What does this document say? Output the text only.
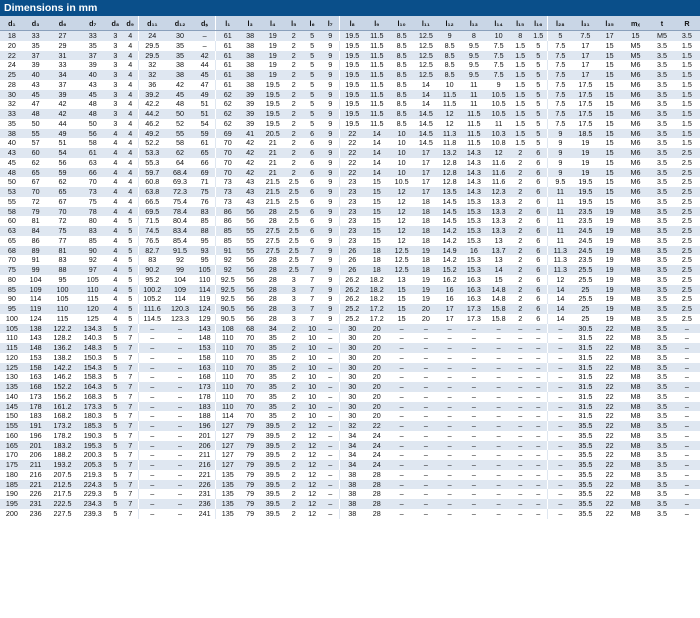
Dimensions in mm
d₁	d₃	d₆	d₇	d₈	d₉	d₁₁	d₁₂	dₛ	l₁	l₃	l₄	l₅	l₆	l₇	l₈	l₉	l₁₀	l₁₁	l₁₂	l₁₃	l₁₄	l₁₅	l₁₆	l₂₈	l₃₁	l₃₅	mₓ	t	R
18	33	27	33	3	4	24	30	–	61	38	19	2	5	9	19.5	11.5	8.5	12.5	9	8	10	8	1.5	5	7.5	17	15	M5	3.5
20	35	29	35	3	4	29.5	35	–	61	38	19	2	5	9	19.5	11.5	8.5	12.5	8.5	9.5	7.5	1.5	5	7.5	17	15	M5	3.5	1.5
22	37	31	37	3	4	29.5	35	42	61	38	19	2	5	9	19.5	11.5	8.5	12.5	8.5	9.5	7.5	1.5	5	7.5	17	15	M5	3.5	1.5
24	39	33	39	3	4	32	38	44	61	38	19	2	5	9	19.5	11.5	8.5	12.5	8.5	9.5	7.5	1.5	5	7.5	17	15	M6	3.5	1.5
25	40	34	40	3	4	32	38	45	61	38	19	2	5	9	19.5	11.5	8.5	12.5	8.5	9.5	7.5	1.5	5	7.5	17	15	M6	3.5	1.5
28	43	37	43	3	4	36	42	47	61	38	19.5	2	5	9	19.5	11.5	8.5	14	10	11	9	1.5	5	7.5	17.5	15	M6	3.5	1.5
30	45	39	45	3	4	39.2	45	49	62	39	19.5	2	5	9	19.5	11.5	8.5	14	11.5	11	10.5	1.5	5	7.5	17.5	15	M6	3.5	1.5
32	47	42	48	3	4	42.2	48	51	62	39	19.5	2	5	9	19.5	11.5	8.5	14	11.5	11	10.5	1.5	5	7.5	17.5	15	M6	3.5	1.5
33	48	42	48	3	4	44.2	50	51	62	39	19.5	2	5	9	19.5	11.5	8.5	14.5	12	11.5	10.5	1.5	5	7.5	17.5	15	M6	3.5	1.5
35	50	44	50	3	4	46.2	52	54	62	39	19.5	2	5	9	19.5	11.5	8.5	14.5	12	11.5	11	1.5	5	7.5	17.5	15	M6	3.5	1.5
38	55	49	56	4	4	49.2	55	59	69	41	20.5	2	6	9	22	14	10	14.5	11.3	11.5	10.3	1.5	5	9	18.5	15	M6	3.5	1.5
40	57	51	58	4	4	52.2	58	61	70	42	21	2	6	9	22	14	10	14.5	11.8	11.5	10.8	1.5	5	9	19	15	M6	3.5	1.5
43	60	54	61	4	4	53.3	62	65	70	42	21	2	6	9	22	14	10	17	13.2	14.3	12	2	6	9	19	15	M6	3.5	2.5
45	62	56	63	4	4	55.3	64	66	70	42	21	2	6	9	22	14	10	17	12.8	14.3	11.6	2	6	9	19	15	M6	3.5	2.5
48	65	59	66	4	4	59.7	68.4	69	70	42	21	2	6	9	22	14	10	17	12.8	14.3	11.6	2	6	9	19	15	M6	3.5	2.5
50	67	62	70	4	4	60.8	69.3	71	73	43	21.5	2.5	6	9	23	15	10.5	17	12.8	14.3	11.6	2	6	9.5	19.5	15	M6	3.5	2.5
53	70	65	73	4	4	63.8	72.3	75	73	43	21.5	2.5	6	9	23	15	12	17	13.5	14.3	12.3	2	6	11	19.5	15	M6	3.5	2.5
55	72	67	75	4	4	66.5	75.4	76	73	43	21.5	2.5	6	9	23	15	12	18	14.5	15.3	13.3	2	6	11	19.5	15	M6	3.5	2.5
58	79	70	78	4	4	69.5	78.4	83	86	56	28	2.5	6	9	23	15	12	18	14.5	15.3	13.3	2	6	11	23.5	19	M8	3.5	2.5
60	81	72	80	4	5	71.5	80.4	85	86	56	28	2.5	6	9	23	15	12	18	14.5	15.3	13.3	2	6	11	23.5	19	M8	3.5	2.5
63	84	75	83	4	5	74.5	83.4	88	85	55	27.5	2.5	6	9	23	15	12	18	14.2	15.3	13.3	2	6	11	24.5	19	M8	3.5	2.5
65	86	77	85	4	5	76.5	85.4	95	85	55	27.5	2.5	6	9	23	15	12	18	14.2	15.3	13	2	6	11	24.5	19	M8	3.5	2.5
68	89	81	90	4	5	82.7	91.5	93	91	55	27.5	2.5	7	9	26	18	12.5	19	14.9	16	13.7	2	6	11.3	24.5	19	M8	3.5	2.5
70	91	83	92	4	5	83	92	95	92	56	28	2.5	7	9	26	18	12.5	18	14.2	15.3	13	2	6	11.3	23.5	19	M8	3.5	2.5
75	99	88	97	4	5	90.2	99	105	92	56	28	2.5	7	9	26	18	12.5	18	15.2	15.3	14	2	6	11.3	25.5	19	M8	3.5	2.5
80	104	95	105	4	5	95.2	104	110	92.5	56	28	3	7	9	26.2	18.2	13	19	16.2	16.3	15	2	6	12	25.5	19	M8	3.5	2.5
85	109	100	110	4	5	100.2	109	114	92.5	56	28	3	7	9	26.2	18.2	15	19	16	16.3	14.8	2	6	14	25	19	M8	3.5	2.5
90	114	105	115	4	5	105.2	114	119	92.5	56	28	3	7	9	26.2	18.2	15	19	16	16.3	14.8	2	6	14	25.5	19	M8	3.5	2.5
95	119	110	120	4	5	111.6	120.3	124	90.5	56	28	3	7	9	25.2	17.2	15	20	17	17.3	15.8	2	6	14	25	19	M8	3.5	2.5
100	124	115	125	4	5	114.5	123.3	129	90.5	56	28	3	7	9	25.2	17.2	15	20	17	17.3	15.8	2	6	14	25	19	M8	3.5	2.5
105	138	122.2	134.3	5	7	–	–	143	108	68	34	2	10	–	30	20	–	–	–	–	–	–	–	–	30.5	22	M8	3.5	–
110	143	128.2	140.3	5	7	–	–	148	110	70	35	2	10	–	30	20	–	–	–	–	–	–	–	–	31.5	22	M8	3.5	–
115	148	136.2	148.3	5	7	–	–	153	110	70	35	2	10	–	30	20	–	–	–	–	–	–	–	–	31.5	22	M8	3.5	–
120	153	138.2	150.3	5	7	–	–	158	110	70	35	2	10	–	30	20	–	–	–	–	–	–	–	–	31.5	22	M8	3.5	–
125	158	142.2	154.3	5	7	–	–	163	110	70	35	2	10	–	30	20	–	–	–	–	–	–	–	–	31.5	22	M8	3.5	–
130	163	146.2	158.3	5	7	–	–	168	110	70	35	2	10	–	30	20	–	–	–	–	–	–	–	–	31.5	22	M8	3.5	–
135	168	152.2	164.3	5	7	–	–	173	110	70	35	2	10	–	30	20	–	–	–	–	–	–	–	–	31.5	22	M8	3.5	–
140	173	156.2	168.3	5	7	–	–	178	110	70	35	2	10	–	30	20	–	–	–	–	–	–	–	–	31.5	22	M8	3.5	–
145	178	161.2	173.3	5	7	–	–	183	110	70	35	2	10	–	30	20	–	–	–	–	–	–	–	–	31.5	22	M8	3.5	–
150	183	168.2	180.3	5	7	–	–	188	114	70	35	2	10	–	30	20	–	–	–	–	–	–	–	–	31.5	22	M8	3.5	–
155	191	173.2	185.3	5	7	–	–	196	127	79	39.5	2	12	–	32	22	–	–	–	–	–	–	–	–	35.5	22	M8	3.5	–
160	196	178.2	190.3	5	7	–	–	201	127	79	39.5	2	12	–	34	24	–	–	–	–	–	–	–	–	35.5	22	M8	3.5	–
165	201	183.2	195.3	5	7	–	–	206	127	79	39.5	2	12	–	34	24	–	–	–	–	–	–	–	–	35.5	22	M8	3.5	–
170	206	188.2	200.3	5	7	–	–	211	127	79	39.5	2	12	–	34	24	–	–	–	–	–	–	–	–	35.5	22	M8	3.5	–
175	211	193.2	205.3	5	7	–	–	216	127	79	39.5	2	12	–	34	24	–	–	–	–	–	–	–	–	35.5	22	M8	3.5	–
180	216	207.5	219.3	5	7	–	–	221	135	79	39.5	2	12	–	38	28	–	–	–	–	–	–	–	–	35.5	22	M8	3.5	–
185	221	212.5	224.3	5	7	–	–	226	135	79	39.5	2	12	–	38	28	–	–	–	–	–	–	–	–	35.5	22	M8	3.5	–
190	226	217.5	229.3	5	7	–	–	231	135	79	39.5	2	12	–	38	28	–	–	–	–	–	–	–	–	35.5	22	M8	3.5	–
195	231	222.5	234.3	5	7	–	–	236	135	79	39.5	2	12	–	38	28	–	–	–	–	–	–	–	–	35.5	22	M8	3.5	–
200	236	227.5	239.3	5	7	–	–	241	135	79	39.5	2	12	–	38	28	–	–	–	–	–	–	–	–	35.5	22	M8	3.5	–
